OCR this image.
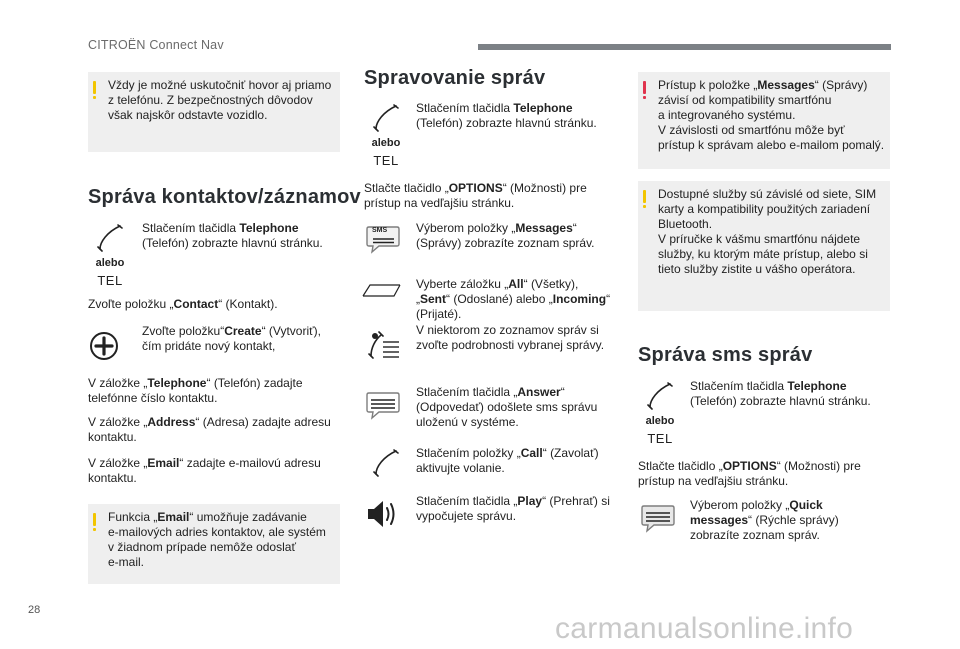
CITROËN Connect Nav
Vždy je možné uskutočniť hovor aj priamo
z telefónu. Z bezpečnostných dôvodov
však najskôr odstavte vozidlo.
Správa kontaktov/záznamov
alebo
TEL
Stlačením tlačidla Telephone
(Telefón) zobrazte hlavnú stránku.
Zvoľte položku „Contact“ (Kontakt).
Zvoľte položku“Create“ (Vytvoriť),
čím pridáte nový kontakt,
V záložke „Telephone“ (Telefón) zadajte
telefónne číslo kontaktu.
V záložke „Address“ (Adresa) zadajte adresu
kontaktu.
V záložke „Email“ zadajte e-mailovú adresu
kontaktu.
Funkcia „Email“ umožňuje zadávanie
e-mailových adries kontaktov, ale systém
v žiadnom prípade nemôže odoslať
e-mail.
Spravovanie správ
alebo
TEL
Stlačením tlačidla Telephone
(Telefón) zobrazte hlavnú stránku.
Stlačte tlačidlo „OPTIONS“ (Možnosti) pre
prístup na vedľajšiu stránku.
SMS Výberom položky „Messages“
(Správy) zobrazíte zoznam správ.
Vyberte záložku „All“ (Všetky),
„Sent“ (Odoslané) alebo „Incoming“
(Prijaté).
V niektorom zo zoznamov správ si
zvoľte podrobnosti vybranej správy.
Stlačením tlačidla „Answer“
(Odpovedať) odošlete sms správu
uloženú v systéme.
Stlačením položky „Call“ (Zavolať)
aktivujte volanie.
Stlačením tlačidla „Play“ (Prehrať) si
vypočujete správu.
Prístup k položke „Messages“ (Správy)
závisí od kompatibility smartfónu
a integrovaného systému.
V závislosti od smartfónu môže byť
prístup k správam alebo e-mailom pomalý.
Dostupné služby sú závislé od siete, SIM
karty a kompatibility použitých zariadení
Bluetooth.
V príručke k vášmu smartfónu nájdete
služby, ku ktorým máte prístup, alebo si
tieto služby zistite u vášho operátora.
Správa sms správ
alebo
TEL
Stlačením tlačidla Telephone
(Telefón) zobrazte hlavnú stránku.
Stlačte tlačidlo „OPTIONS“ (Možnosti) pre
prístup na vedľajšiu stránku.
Výberom položky „Quick
messages“ (Rýchle správy)
zobrazíte zoznam správ.
28
carmanualsonline.info
